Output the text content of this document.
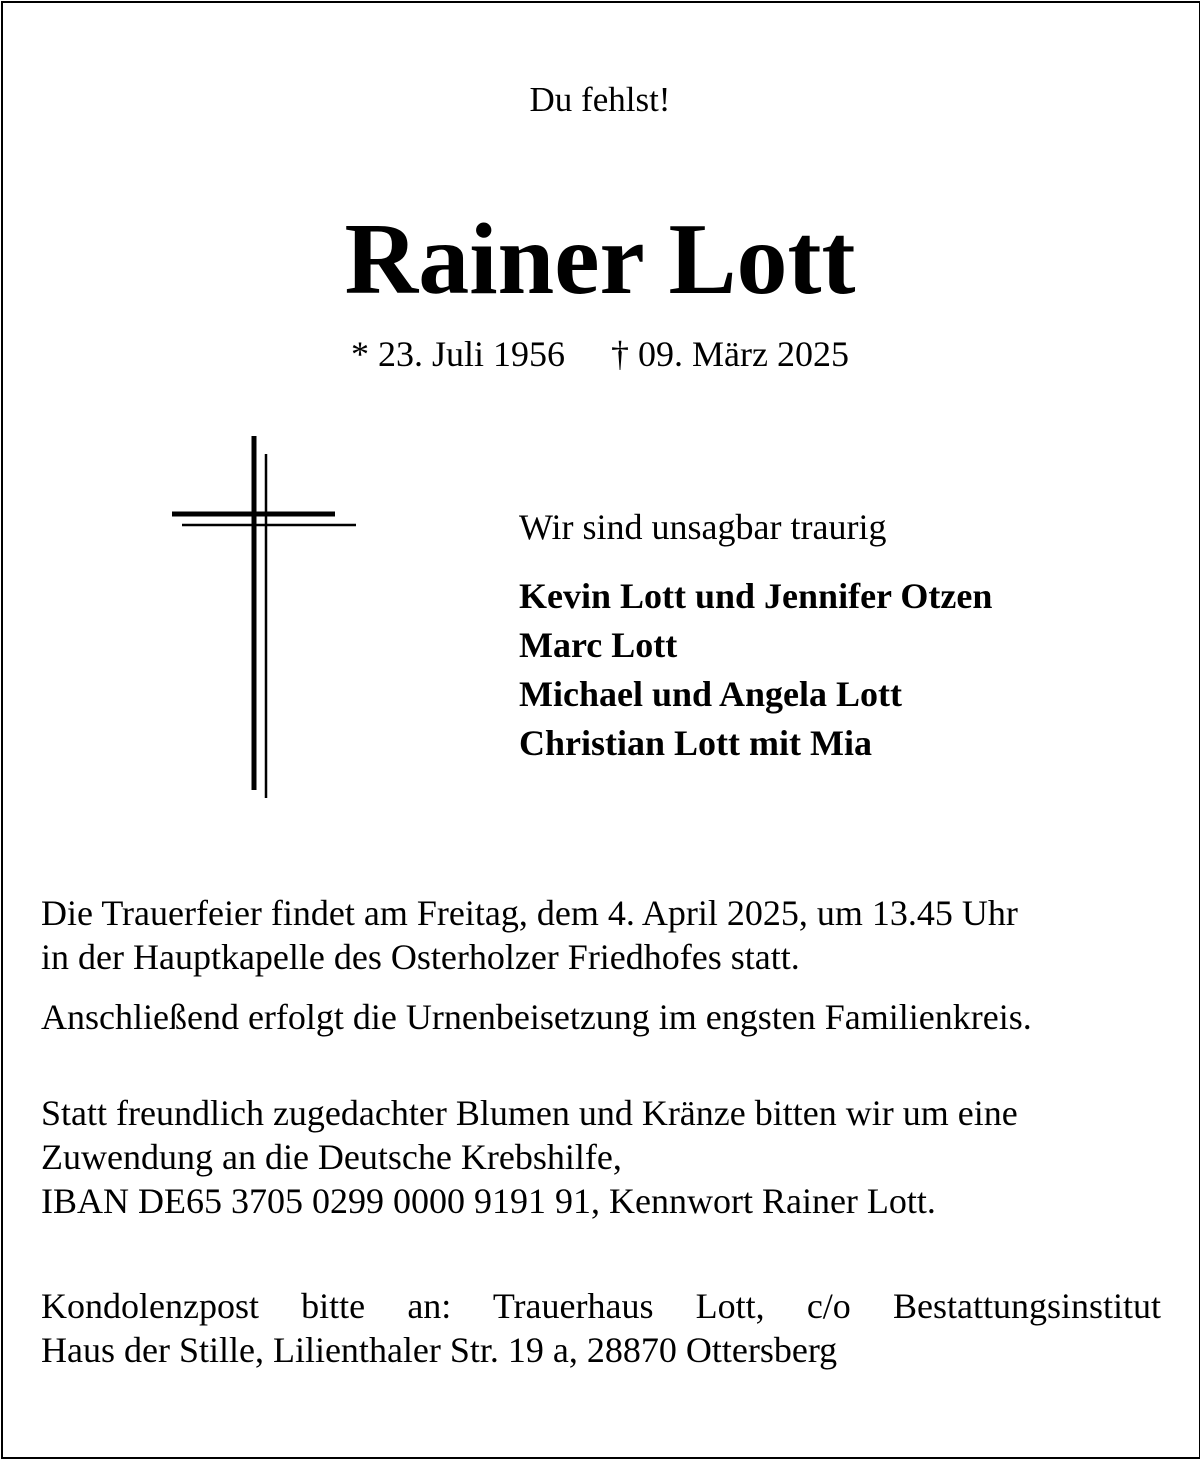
Du fehlst!
Rainer Lott
* 23. Juli 1956 † 09. März 2025
Wir sind unsagbar traurig
Kevin Lott und Jennifer Otzen
Marc Lott
Michael und Angela Lott
Christian Lott mit Mia
Die Trauerfeier findet am Freitag, dem 4. April 2025, um 13.45 Uhr
in der Hauptkapelle des Osterholzer Friedhofes statt.
Anschließend erfolgt die Urnenbeisetzung im engsten Familienkreis.
Statt freundlich zugedachter Blumen und Kränze bitten wir um eine
Zuwendung an die Deutsche Krebshilfe,
IBAN DE65 3705 0299 0000 9191 91, Kennwort Rainer Lott.
Kondolenzpost bitte an: Trauerhaus Lott, c/o Bestattungsinstitut
Haus der Stille, Lilienthaler Str. 19 a, 28870 Ottersberg
